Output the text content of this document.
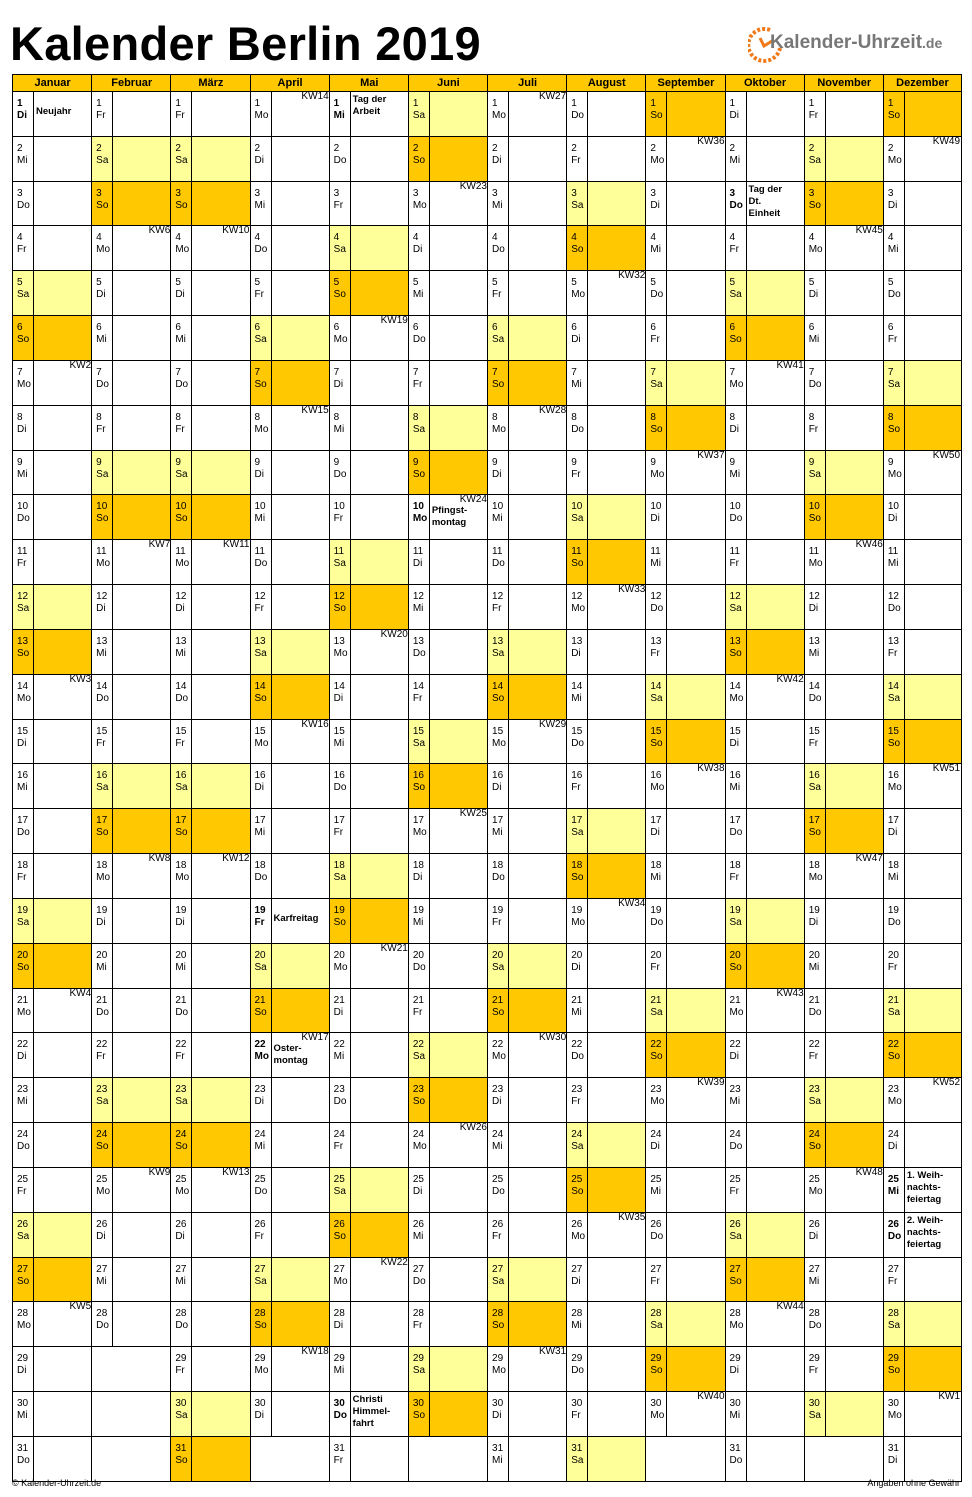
Kalender Berlin 2019	Kalender-Uhrzeit.de
Januar
1
Di Neujahr
2
Mi
3
Do
4
Fr
5
Sa
6
So
7
Mo
KW2
8
Di
9
Mi
10
Do
11
Fr
12
Sa
13
So
14
Mo
KW3
15
Di
16
Mi
17
Do
18
Fr
19
Sa
20
So
21
Mo
KW4
22
Di
23
Mi
24
Do
25
Fr
26
Sa
27
So
28
Mo
KW5
29
Di
30
Mi
31
Do
Februar
1
Fr
2
Sa
3
So
4
Mo
KW6
5
Di
6
Mi
7
Do
8
Fr
9
Sa
10
So
11
Mo
KW7
12
Di
13
Mi
14
Do
15
Fr
16
Sa
17
So
18
Mo
KW8
19
Di
20
Mi
21
Do
22
Fr
23
Sa
24
So
25
Mo
KW9
26
Di
27
Mi
28
Do
März
1
Fr
2
Sa
3
So
4
Mo
KW10
5
Di
6
Mi
7
Do
8
Fr
9
Sa
10
So
11
Mo
KW11
12
Di
13
Mi
14
Do
15
Fr
16
Sa
17
So
18
Mo
KW12
19
Di
20
Mi
21
Do
22
Fr
23
Sa
24
So
25
Mo
KW13
26
Di
27
Mi
28
Do
29
Fr
30
Sa
31
So
April
1
Mo
KW14
2
Di
3
Mi
4
Do
5
Fr
6
Sa
7
So
8
Mo
KW15
9
Di
10
Mi
11
Do
12
Fr
13
Sa
14
So
15
Mo
KW16
16
Di
17
Mi
18
Do
19
Fr Karfreitag
20
Sa
21
So
22
Mo
KW17
Oster-
montag
23
Di
24
Mi
25
Do
26
Fr
27
Sa
28
So
29
Mo
KW18
30
Di
Mai
1
Mi
Tag der
Arbeit
2
Do
3
Fr
4
Sa
5
So
6
Mo
KW19
7
Di
8
Mi
9
Do
10
Fr
11
Sa
12
So
13
Mo
KW20
14
Di
15
Mi
16
Do
17
Fr
18
Sa
19
So
20
Mo
KW21
21
Di
22
Mi
23
Do
24
Fr
25
Sa
26
So
27
Mo
KW22
28
Di
29
Mi
30
Do
Christi
Himmel-
fahrt
31
Fr
Juni
1
Sa
2
So
3
Mo
KW23
4
Di
5
Mi
6
Do
7
Fr
8
Sa
9
So
10
Mo
KW24
Pfingst-
montag
11
Di
12
Mi
13
Do
14
Fr
15
Sa
16
So
17
Mo
KW25
18
Di
19
Mi
20
Do
21
Fr
22
Sa
23
So
24
Mo
KW26
25
Di
26
Mi
27
Do
28
Fr
29
Sa
30
So
Juli
1
Mo
KW27
2
Di
3
Mi
4
Do
5
Fr
6
Sa
7
So
8
Mo
KW28
9
Di
10
Mi
11
Do
12
Fr
13
Sa
14
So
15
Mo
KW29
16
Di
17
Mi
18
Do
19
Fr
20
Sa
21
So
22
Mo
KW30
23
Di
24
Mi
25
Do
26
Fr
27
Sa
28
So
29
Mo
KW31
30
Di
31
Mi
August
1
Do
2
Fr
3
Sa
4
So
5
Mo
KW32
6
Di
7
Mi
8
Do
9
Fr
10
Sa
11
So
12
Mo
KW33
13
Di
14
Mi
15
Do
16
Fr
17
Sa
18
So
19
Mo
KW34
20
Di
21
Mi
22
Do
23
Fr
24
Sa
25
So
26
Mo
KW35
27
Di
28
Mi
29
Do
30
Fr
31
Sa
September
1
So
2
Mo
KW36
3
Di
4
Mi
5
Do
6
Fr
7
Sa
8
So
9
Mo
KW37
10
Di
11
Mi
12
Do
13
Fr
14
Sa
15
So
16
Mo
KW38
17
Di
18
Mi
19
Do
20
Fr
21
Sa
22
So
23
Mo
KW39
24
Di
25
Mi
26
Do
27
Fr
28
Sa
29
So
30
Mo
KW40
Oktober
1
Di
2
Mi
3
Do
Tag der
Dt.
Einheit
4
Fr
5
Sa
6
So
7
Mo
KW41
8
Di
9
Mi
10
Do
11
Fr
12
Sa
13
So
14
Mo
KW42
15
Di
16
Mi
17
Do
18
Fr
19
Sa
20
So
21
Mo
KW43
22
Di
23
Mi
24
Do
25
Fr
26
Sa
27
So
28
Mo
KW44
29
Di
30
Mi
31
Do
November
1
Fr
2
Sa
3
So
4
Mo
KW45
5
Di
6
Mi
7
Do
8
Fr
9
Sa
10
So
11
Mo
KW46
12
Di
13
Mi
14
Do
15
Fr
16
Sa
17
So
18
Mo
KW47
19
Di
20
Mi
21
Do
22
Fr
23
Sa
24
So
25
Mo
KW48
26
Di
27
Mi
28
Do
29
Fr
30
Sa
Dezember
1
So
2
Mo
KW49
3
Di
4
Mi
5
Do
6
Fr
7
Sa
8
So
9
Mo
KW50
10
Di
11
Mi
12
Do
13
Fr
14
Sa
15
So
16
Mo
KW51
17
Di
18
Mi
19
Do
20
Fr
21
Sa
22
So
23
Mo
KW52
24
Di
25
Mi
1. Weih-
nachts-
feiertag
26
Do
2. Weih-
nachts-
feiertag
27
Fr
28
Sa
29
So
30
Mo
KW1
31
Di
© Kalender-Uhrzeit.de	Angaben ohne Gewähr
